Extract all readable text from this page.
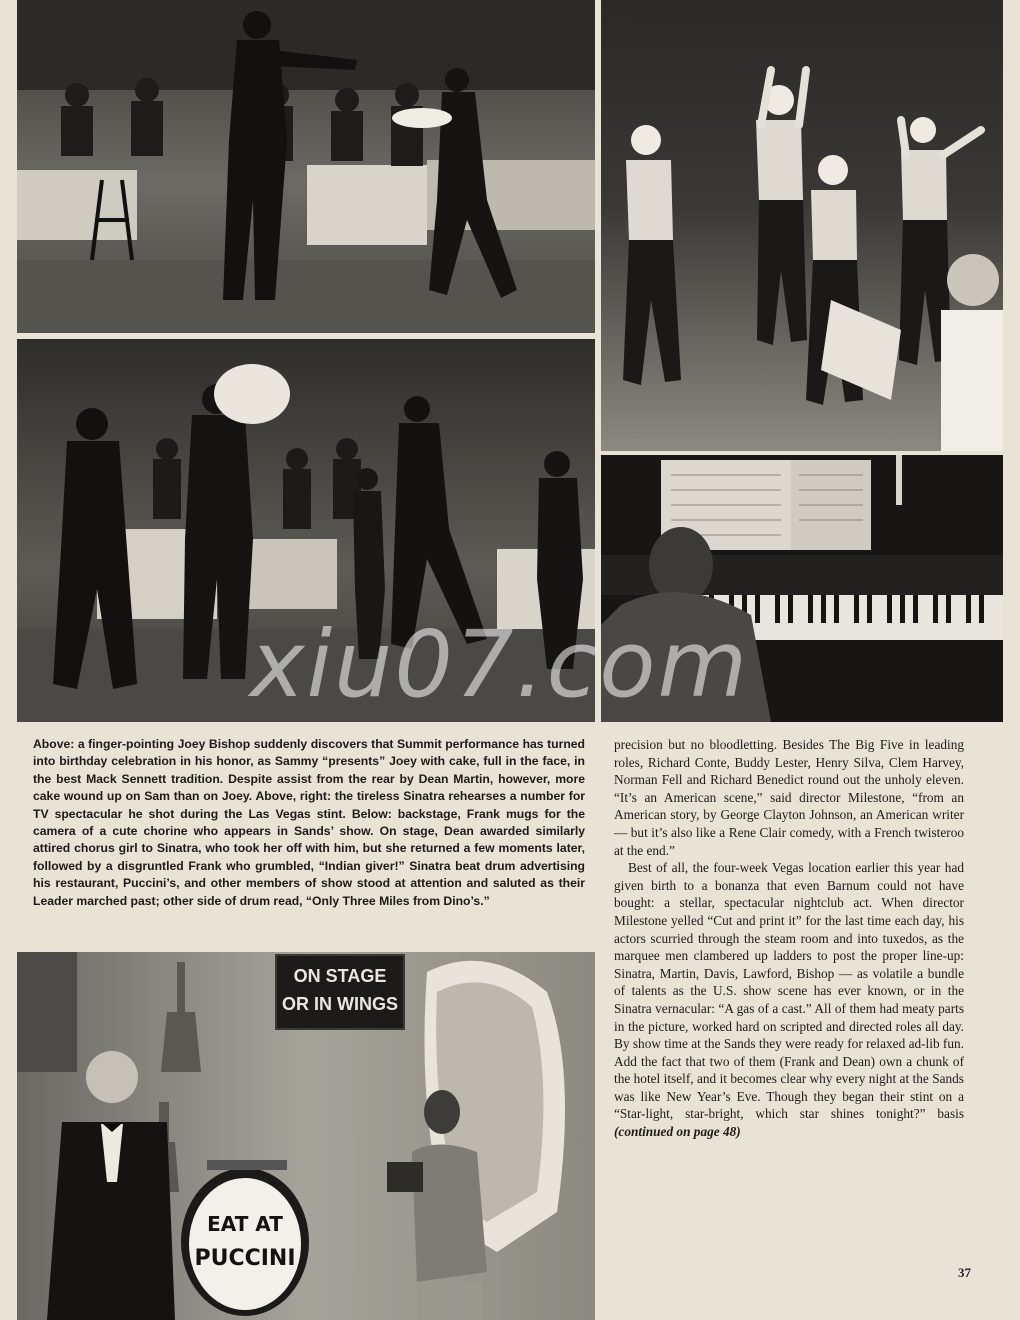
ON STAGE
OR IN WINGS
EAT AT
PUCCINI
xiu07.com

Above: a finger-pointing Joey Bishop suddenly discovers that Summit performance has turned into birthday celebration in his honor, as Sammy “presents” Joey with cake, full in the face, in the best Mack Sennett tradition. Despite assist from the rear by Dean Martin, however, more cake wound up on Sam than on Joey. Above, right: the tireless Sinatra rehearses a number for TV spectacular he shot during the Las Vegas stint. Below: backstage, Frank mugs for the camera of a cute chorine who appears in Sands’ show. On stage, Dean awarded similarly attired chorus girl to Sinatra, who took her off with him, but she returned a few moments later, followed by a disgruntled Frank who grumbled, “Indian giver!” Sinatra beat drum advertising his restaurant, Puccini’s, and other members of show stood at attention and saluted as their Leader marched past; other side of drum read, “Only Three Miles from Dino’s.”

precision but no bloodletting. Besides The Big Five in leading roles, Richard Conte, Buddy Lester, Henry Silva, Clem Harvey, Norman Fell and Richard Benedict round out the unholy eleven. “It’s an American scene,” said director Milestone, “from an American story, by George Clayton Johnson, an American writer — but it’s also like a Rene Clair comedy, with a French twisteroo at the end.”

Best of all, the four-week Vegas location earlier this year had given birth to a bonanza that even Barnum could not have bought: a stellar, spectacular nightclub act. When director Milestone yelled “Cut and print it” for the last time each day, his actors scurried through the steam room and into tuxedos, as the marquee men clambered up ladders to post the proper line-up: Sinatra, Martin, Davis, Lawford, Bishop — as volatile a bundle of talents as the U.S. show scene has ever known, or in the Sinatra vernacular: “A gas of a cast.” All of them had meaty parts in the picture, worked hard on scripted and directed roles all day. By show time at the Sands they were ready for relaxed ad-lib fun. Add the fact that two of them (Frank and Dean) own a chunk of the hotel itself, and it becomes clear why every night at the Sands was like New Year’s Eve. Though they began their stint on a “Star-light, star-bright, which star shines tonight?” basis (continued on page 48)

37
